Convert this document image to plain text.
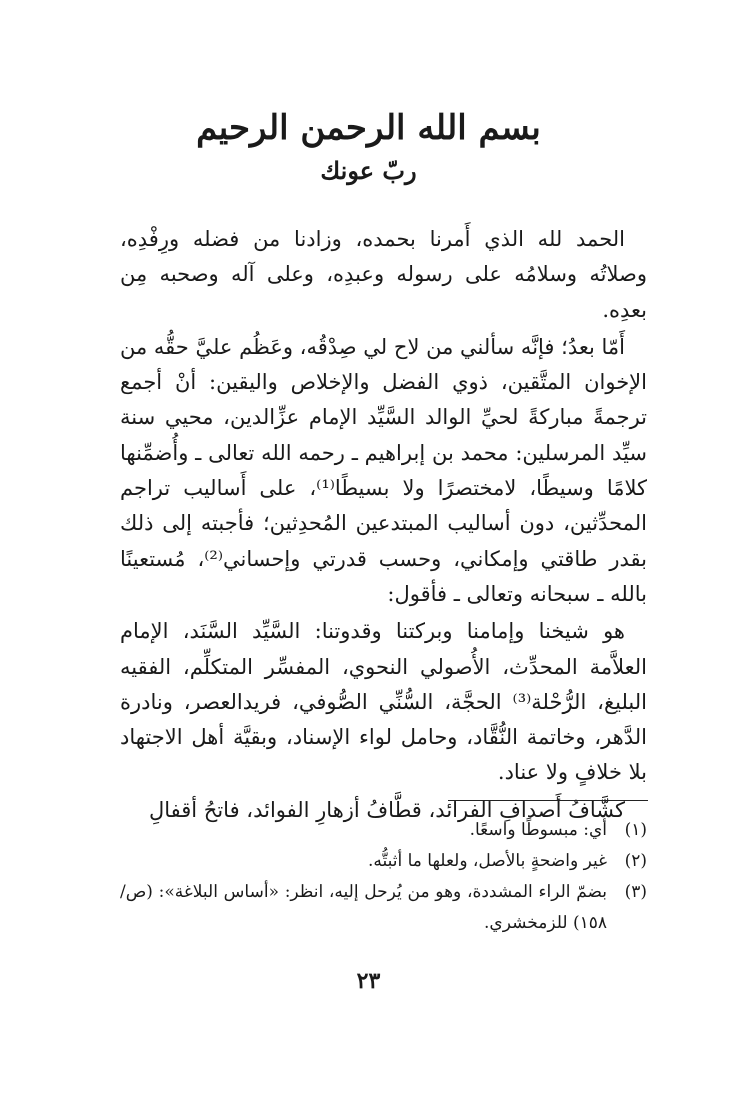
بسم الله الرحمن الرحيم
ربّ عونك

الحمد لله الذي أَمرنا بحمده، وزادنا من فضله ورِفْدِه، وصلاتُه وسلامُه على رسوله وعبدِه، وعلى آله وصحبه مِن بعدِه.

أَمّا بعدُ؛ فإنَّه سألني من لاح لي صِدْقُه، وعَظُم عليَّ حقُّه من الإخوان المتَّقين، ذوي الفضل والإخلاص واليقين: أنْ أجمع ترجمةً مباركةً لحيِّ الوالد السَّيِّد الإمام عزِّالدين، محيي سنة سيِّد المرسلين: محمد بن إبراهيم ـ رحمه الله تعالى ـ وأُضمِّنها كلامًا وسيطًا، لامختصرًا ولا بسيطًا⁽¹⁾، على أَساليب تراجم المحدِّثين، دون أساليب المبتدعين المُحدِثين؛ فأجبته إلى ذلك بقدر طاقتي وإمكاني، وحسب قدرتي وإحساني⁽²⁾، مُستعينًا بالله ـ سبحانه وتعالى ـ فأقول:

هو شيخنا وإمامنا وبركتنا وقدوتنا: السَّيِّد السَّنَد، الإمام العلاَّمة المحدِّث، الأُصولي النحوي، المفسِّر المتكلِّم، الفقيه البليغ، الرُّحْلة⁽³⁾ الحجَّة، السُّنِّي الصُّوفي، فريدالعصر، ونادرة الدَّهر، وخاتمة النُّقَّاد، وحامل لواء الإسناد، وبقيَّة أهل الاجتهاد بلا خلافٍ ولا عناد.

كشَّافُ أَصدافِ الفرائد، قطَّافُ أزهارِ الفوائد، فاتحُ أقفالِ

(١)
أي: مبسوطًا واسعًا.
(٢)
غير واضحةٍ بالأصل، ولعلها ما أثبتُّه.
(٣)
بضمّ الراء المشددة، وهو من يُرحل إليه، انظر: «أساس البلاغة»: (ص/١٥٨) للزمخشري.
٢٣
